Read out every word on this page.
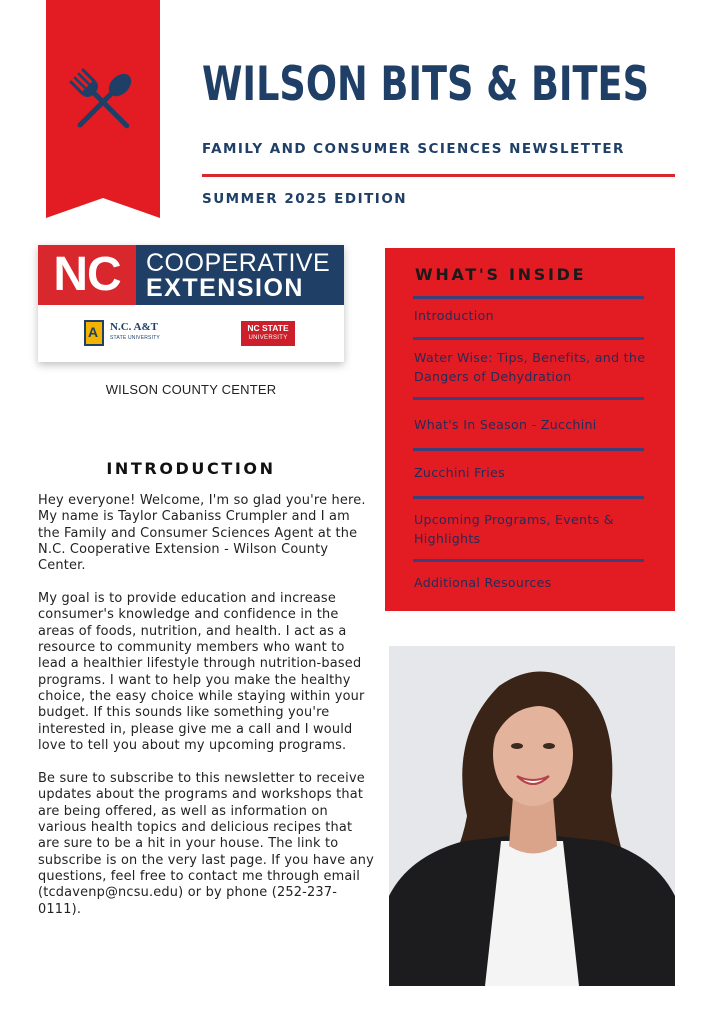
WILSON BITS & BITES
FAMILY AND CONSUMER SCIENCES NEWSLETTER
SUMMER 2025 EDITION
NC	COOPERATIVE
EXTENSION
A
N.C. A&T
STATE UNIVERSITY
NC STATE
UNIVERSITY
WILSON COUNTY CENTER
INTRODUCTION

Hey everyone! Welcome, I'm so glad you're here. My name is Taylor Cabaniss Crumpler and I am the Family and Consumer Sciences Agent at the N.C. Cooperative Extension - Wilson County Center.

My goal is to provide education and increase consumer's knowledge and confidence in the areas of foods, nutrition, and health. I act as a resource to community members who want to lead a healthier lifestyle through nutrition-based programs. I want to help you make the healthy choice, the easy choice while staying within your budget. If this sounds like something you're interested in, please give me a call and I would love to tell you about my upcoming programs.

Be sure to subscribe to this newsletter to receive updates about the programs and workshops that are being offered, as well as information on various health topics and delicious recipes that are sure to be a hit in your house. The link to subscribe is on the very last page. If you have any questions, feel free to contact me through email (tcdavenp@ncsu.edu) or by phone (252-237-0111).

WHAT'S INSIDE
Introduction
Water Wise: Tips, Benefits, and the Dangers of Dehydration
What's In Season - Zucchini
Zucchini Fries
Upcoming Programs, Events & Highlights
Additional Resources
